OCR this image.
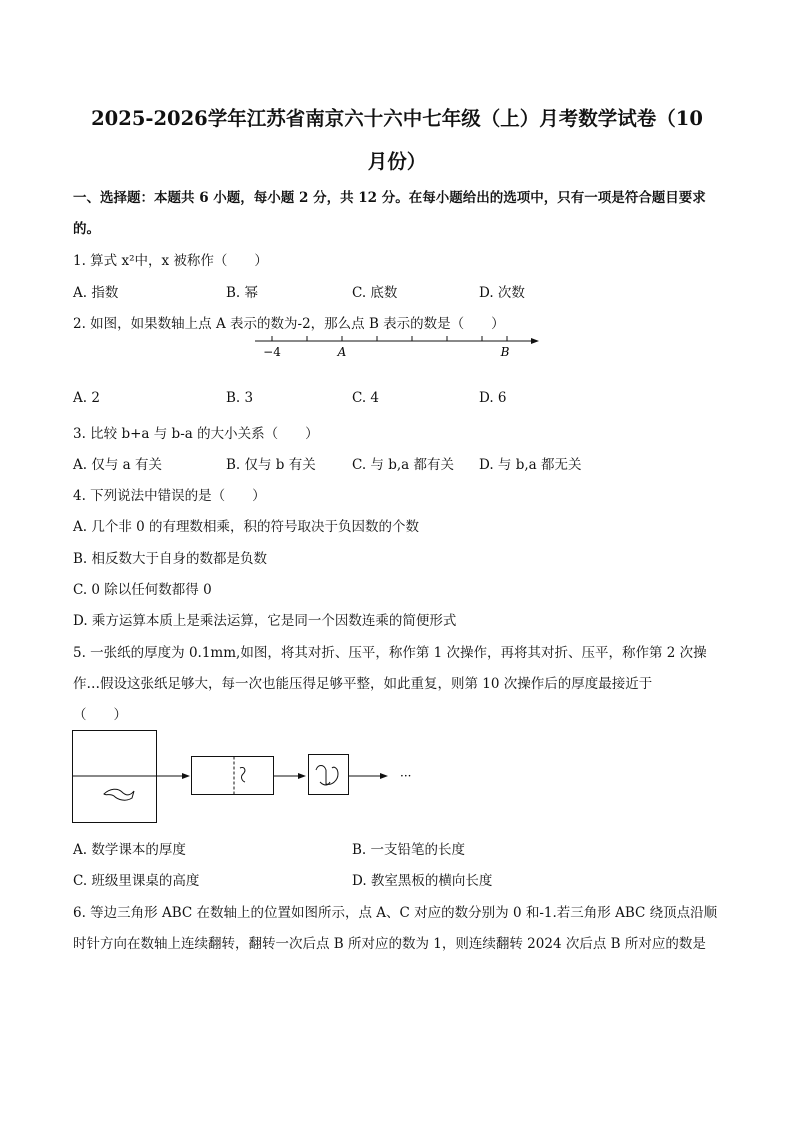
2025-2026学年江苏省南京六十六中七年级（上）月考数学试卷（10
月份）
一、选择题：本题共 6 小题，每小题 2 分，共 12 分。在每小题给出的选项中，只有一项是符合题目要求
的。
1. 算式 x²中，x 被称作（　　）
A. 指数	B. 幂	C. 底数	D. 次数
2. 如图，如果数轴上点 A 表示的数为-2，那么点 B 表示的数是（　　）
−4	A	B
A. 2	B. 3	C. 4	D. 6
3. 比较 b+a 与 b-a 的大小关系（　　）
A. 仅与 a 有关	B. 仅与 b 有关	C. 与 b,a 都有关 D. 与 b,a 都无关
4. 下列说法中错误的是（　　）
A. 几个非 0 的有理数相乘，积的符号取决于负因数的个数
B. 相反数大于自身的数都是负数
C. 0 除以任何数都得 0
D. 乘方运算本质上是乘法运算，它是同一个因数连乘的简便形式
5. 一张纸的厚度为 0.1mm,如图，将其对折、压平，称作第 1 次操作，再将其对折、压平，称作第 2 次操
作…假设这张纸足够大，每一次也能压得足够平整，如此重复，则第 10 次操作后的厚度最接近于
（　　）
···
A. 数学课本的厚度	B. 一支铅笔的长度
C. 班级里课桌的高度	D. 教室黑板的横向长度
6. 等边三角形 ABC 在数轴上的位置如图所示，点 A、C 对应的数分别为 0 和-1.若三角形 ABC 绕顶点沿顺
时针方向在数轴上连续翻转，翻转一次后点 B 所对应的数为 1，则连续翻转 2024 次后点 B 所对应的数是
